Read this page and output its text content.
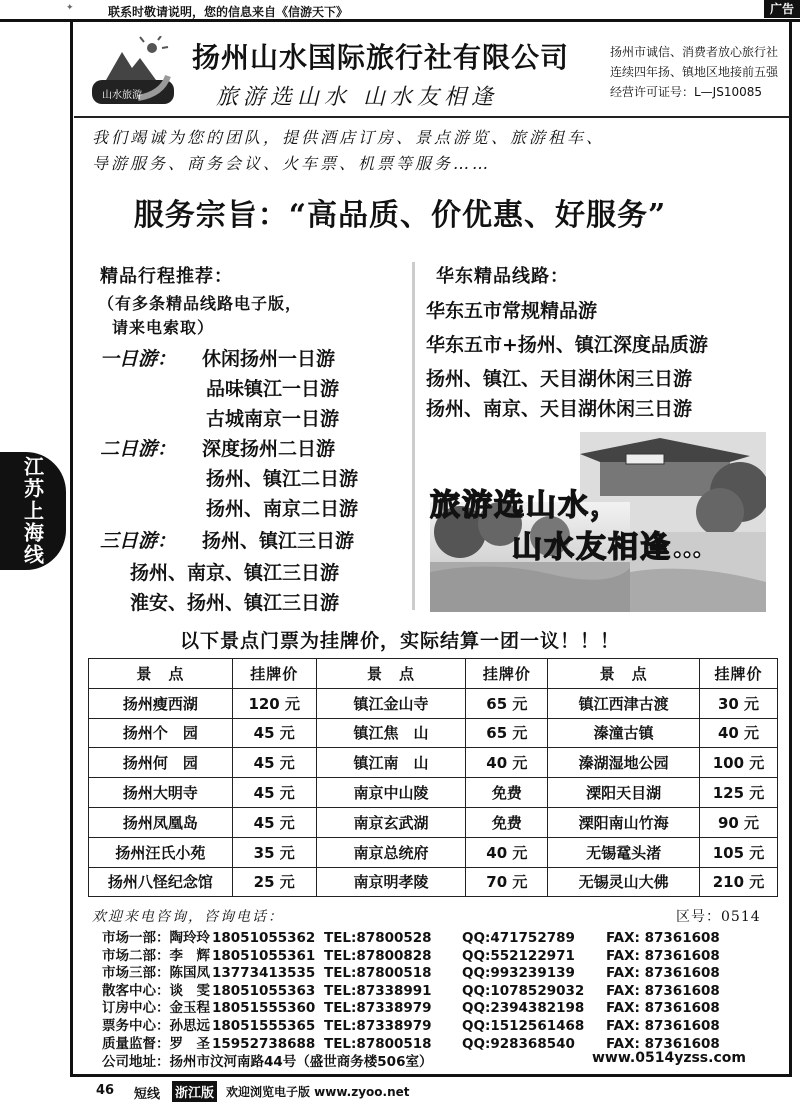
✦	联系时敬请说明，您的信息来自《信游天下》	广告
江苏上海线
山水旅游
扬州山水国际旅行社有限公司
旅游选山水 山水友相逢
扬州市诚信、消费者放心旅行社
连续四年扬、镇地区地接前五强
经营许可证号：L—JS10085
我们竭诚为您的团队，提供酒店订房、景点游览、旅游租车、
导游服务、商务会议、火车票、机票等服务……
服务宗旨：“高品质、价优惠、好服务”
精品行程推荐：
（有多条精品线路电子版，
请来电索取）
一日游： 休闲扬州一日游
品味镇江一日游
古城南京一日游
二日游： 深度扬州二日游
扬州、镇江二日游
扬州、南京二日游
三日游： 扬州、镇江三日游
扬州、南京、镇江三日游
淮安、扬州、镇江三日游
华东精品线路：
华东五市常规精品游
华东五市+扬州、镇江深度品质游
扬州、镇江、天目湖休闲三日游
扬州、南京、天目湖休闲三日游
旅游选山水，
山水友相逢…
以下景点门票为挂牌价，实际结算一团一议！！！
景　点	挂牌价	景　点	挂牌价	景　点	挂牌价
扬州瘦西湖	120 元	镇江金山寺	65 元	镇江西津古渡	30 元
扬州个　园	45 元	镇江焦　山	65 元	溱潼古镇	40 元
扬州何　园	45 元	镇江南　山	40 元	溱湖湿地公园	100 元
扬州大明寺	45 元	南京中山陵	免费	溧阳天目湖	125 元
扬州凤凰岛	45 元	南京玄武湖	免费	溧阳南山竹海	90 元
扬州汪氏小苑	35 元	南京总统府	40 元	无锡鼋头渚	105 元
扬州八怪纪念馆	25 元	南京明孝陵	70 元	无锡灵山大佛	210 元
欢迎来电咨询，咨询电话：	区号：0514
市场一部：陶玲玲 18051055362 TEL:87800528 QQ:471752789 FAX: 87361608
市场二部：李　辉 18051055361 TEL:87800828 QQ:552122971 FAX: 87361608
市场三部：陈国凤 13773413535 TEL:87800518 QQ:993239139 FAX: 87361608
散客中心：谈　雯 18051055363 TEL:87338991 QQ:1078529032 FAX: 87361608
订房中心：金玉程 18051555360 TEL:87338979 QQ:2394382198 FAX: 87361608
票务中心：孙思远 18051555365 TEL:87338979 QQ:1512561468 FAX: 87361608
质量监督：罗　圣 15952738688 TEL:87800518 QQ:928368540 FAX: 87361608
公司地址：扬州市汶河南路44号（盛世商务楼506室）	www.0514yzss.com
46 短线 浙江版 欢迎浏览电子版 www.zyoo.net
